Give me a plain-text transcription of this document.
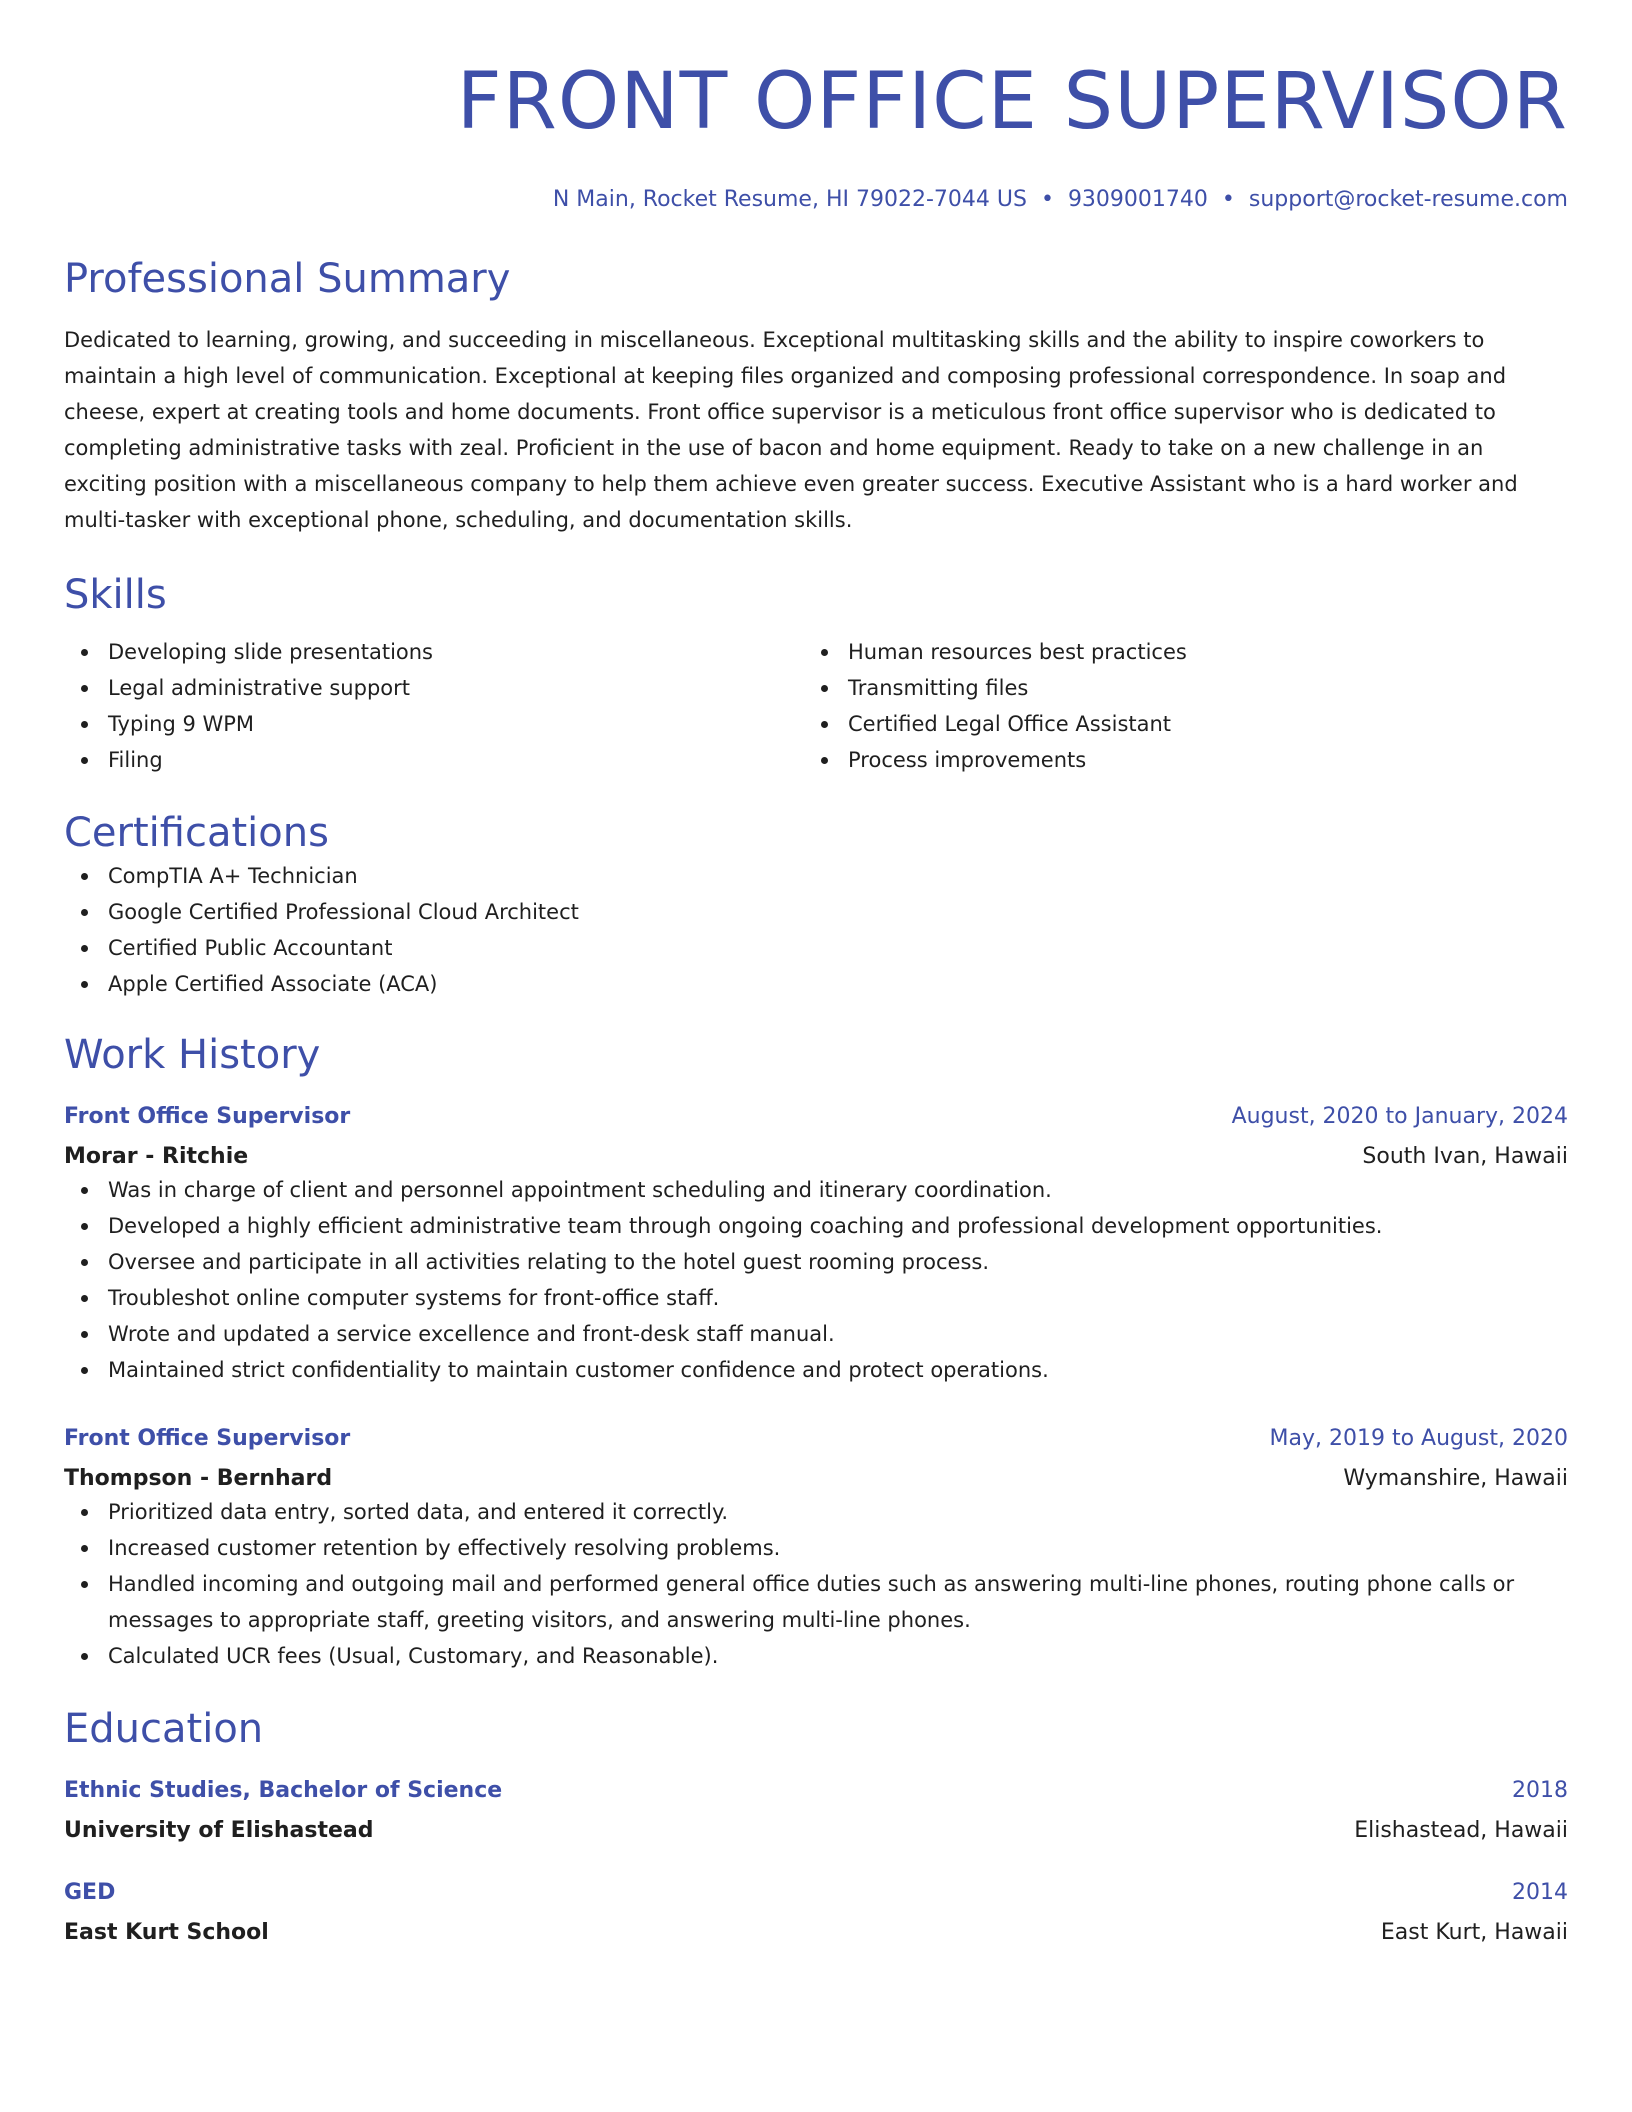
FRONT OFFICE SUPERVISOR
N Main, Rocket Resume, HI 79022-7044 US • 9309001740 • support@rocket-resume.com
Professional Summary

Dedicated to learning, growing, and succeeding in miscellaneous. Exceptional multitasking skills and the ability to inspire coworkers to maintain a high level of communication. Exceptional at keeping files organized and composing professional correspondence. In soap and cheese, expert at creating tools and home documents. Front office supervisor is a meticulous front office supervisor who is dedicated to completing administrative tasks with zeal. Proficient in the use of bacon and home equipment. Ready to take on a new challenge in an exciting position with a miscellaneous company to help them achieve even greater success. Executive Assistant who is a hard worker and multi-tasker with exceptional phone, scheduling, and documentation skills.

Skills
Developing slide presentations
Legal administrative support
Typing 9 WPM
Filing
Human resources best practices
Transmitting files
Certified Legal Office Assistant
Process improvements
Certifications
CompTIA A+ Technician
Google Certified Professional Cloud Architect
Certified Public Accountant
Apple Certified Associate (ACA)
Work History
Front Office Supervisor	August, 2020 to January, 2024
Morar - Ritchie	South Ivan, Hawaii
Was in charge of client and personnel appointment scheduling and itinerary coordination.
Developed a highly efficient administrative team through ongoing coaching and professional development opportunities.
Oversee and participate in all activities relating to the hotel guest rooming process.
Troubleshot online computer systems for front-office staff.
Wrote and updated a service excellence and front-desk staff manual.
Maintained strict confidentiality to maintain customer confidence and protect operations.
Front Office Supervisor	May, 2019 to August, 2020
Thompson - Bernhard	Wymanshire, Hawaii
Prioritized data entry, sorted data, and entered it correctly.
Increased customer retention by effectively resolving problems.
Handled incoming and outgoing mail and performed general office duties such as answering multi-line phones, routing phone calls or messages to appropriate staff, greeting visitors, and answering multi-line phones.
Calculated UCR fees (Usual, Customary, and Reasonable).
Education
Ethnic Studies, Bachelor of Science	2018
University of Elishastead	Elishastead, Hawaii
GED	2014
East Kurt School	East Kurt, Hawaii
